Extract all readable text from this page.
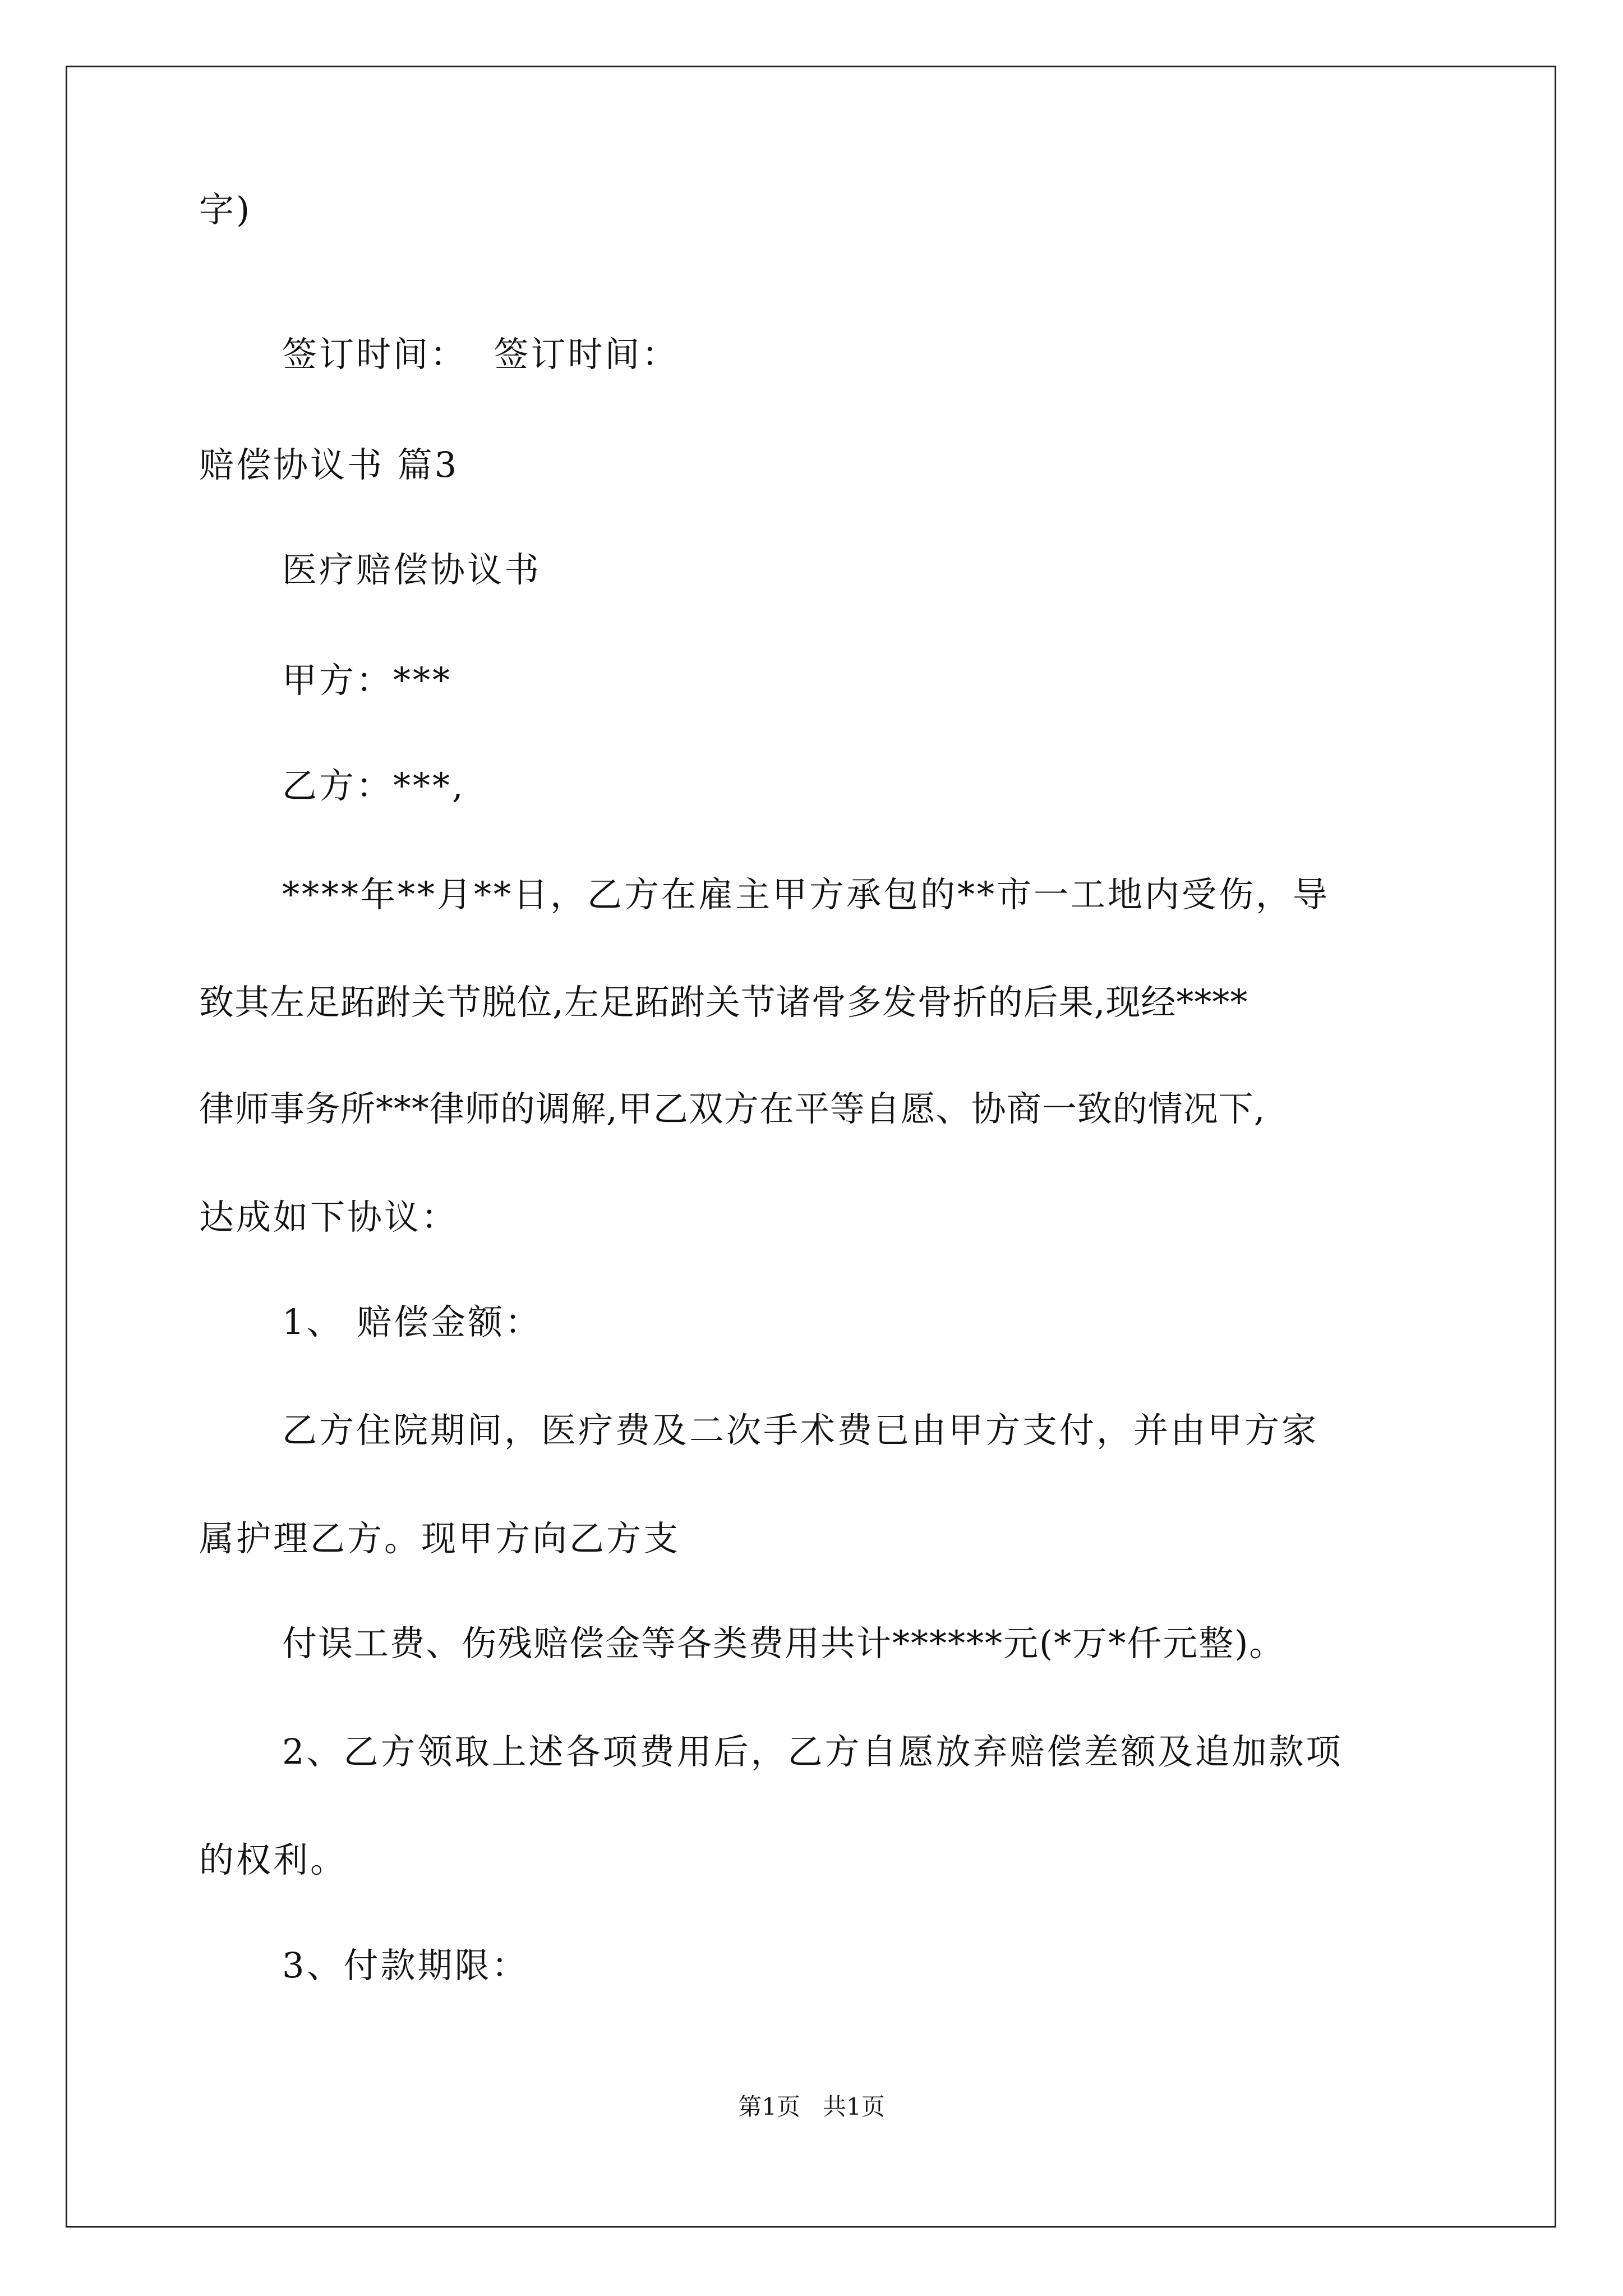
字)
签订时间：  签订时间：
赔偿协议书 篇3
医疗赔偿协议书
甲方：***
乙方：***,
****年**月**日，乙方在雇主甲方承包的**市一工地内受伤，导
致其左足跖跗关节脱位,左足跖跗关节诸骨多发骨折的后果,现经****
律师事务所***律师的调解,甲乙双方在平等自愿、协商一致的情况下,
达成如下协议：
1、 赔偿金额：
乙方住院期间，医疗费及二次手术费已由甲方支付，并由甲方家
属护理乙方。现甲方向乙方支
付误工费、伤残赔偿金等各类费用共计******元(*万*仟元整)。
2、乙方领取上述各项费用后，乙方自愿放弃赔偿差额及追加款项
的权利。
3、付款期限：
第1页   共1页
